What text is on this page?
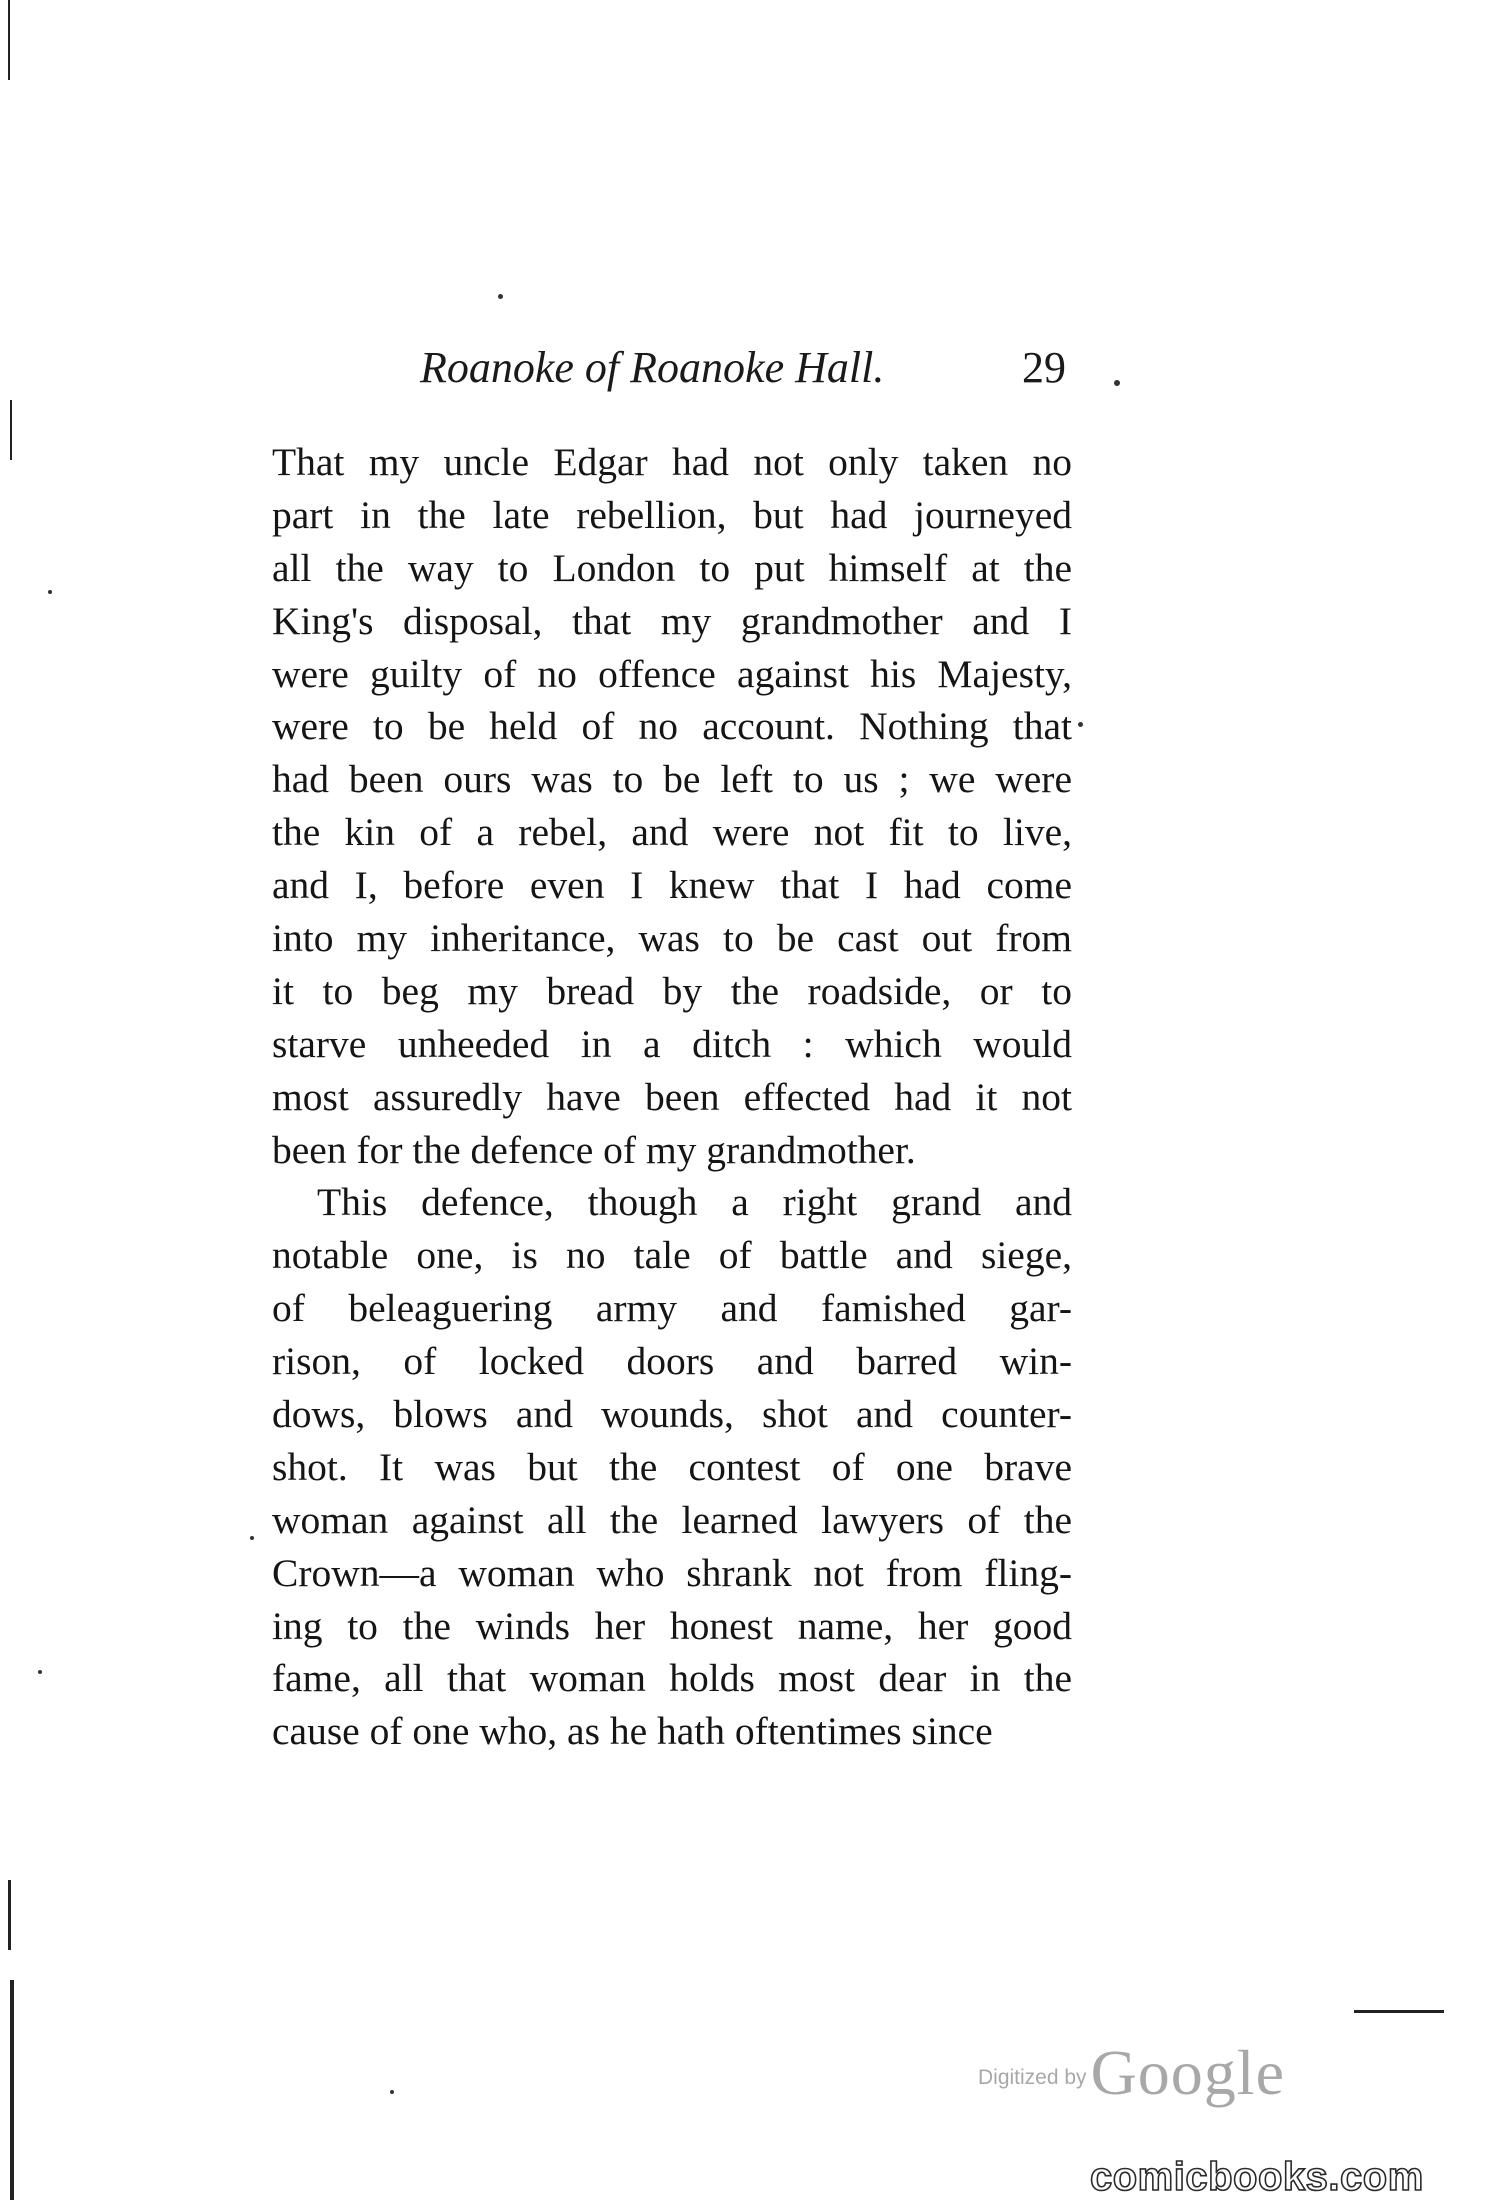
Roanoke of Roanoke Hall.	29
That my uncle Edgar had not only taken no
part in the late rebellion, but had journeyed
all the way to London to put himself at the
King's disposal, that my grandmother and I
were guilty of no offence against his Majesty,
were to be held of no account. Nothing that
had been ours was to be left to us ; we were
the kin of a rebel, and were not fit to live,
and I, before even I knew that I had come
into my inheritance, was to be cast out from
it to beg my bread by the roadside, or to
starve unheeded in a ditch : which would
most assuredly have been effected had it not
been for the defence of my grandmother.
This defence, though a right grand and
notable one, is no tale of battle and siege,
of beleaguering army and famished gar-
rison, of locked doors and barred win-
dows, blows and wounds, shot and counter-
shot. It was but the contest of one brave
woman against all the learned lawyers of the
Crown—a woman who shrank not from fling-
ing to the winds her honest name, her good
fame, all that woman holds most dear in the
cause of one who, as he hath oftentimes since
Digitized by Google
comicbooks.com
